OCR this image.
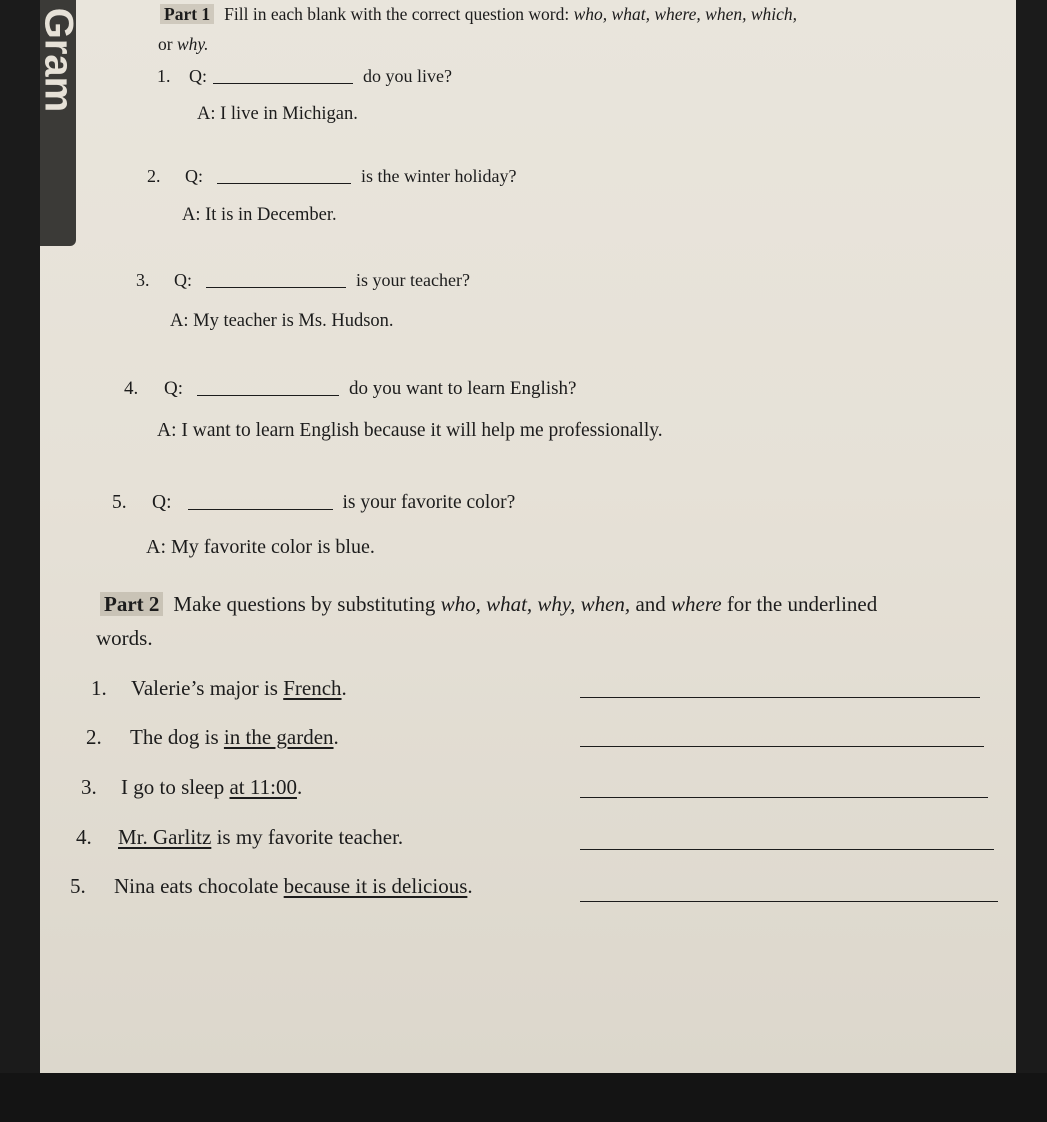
Gram	Part 1 Fill in each blank with the correct question word: who, what, where, when, which,
or why.
1. Q:	do you live?
A: I live in Michigan.
2. Q:	is the winter holiday?
A: It is in December.
3. Q:	is your teacher?
A: My teacher is Ms. Hudson.
4. Q:	do you want to learn English?
A: I want to learn English because it will help me professionally.
5. Q:	is your favorite color?
A: My favorite color is blue.
Part 2 Make questions by substituting who, what, why, when, and where for the underlined
words.
1. Valerie’s major is French.
2. The dog is in the garden.
3. I go to sleep at 11:00.
4. Mr. Garlitz is my favorite teacher.
5. Nina eats chocolate because it is delicious.
